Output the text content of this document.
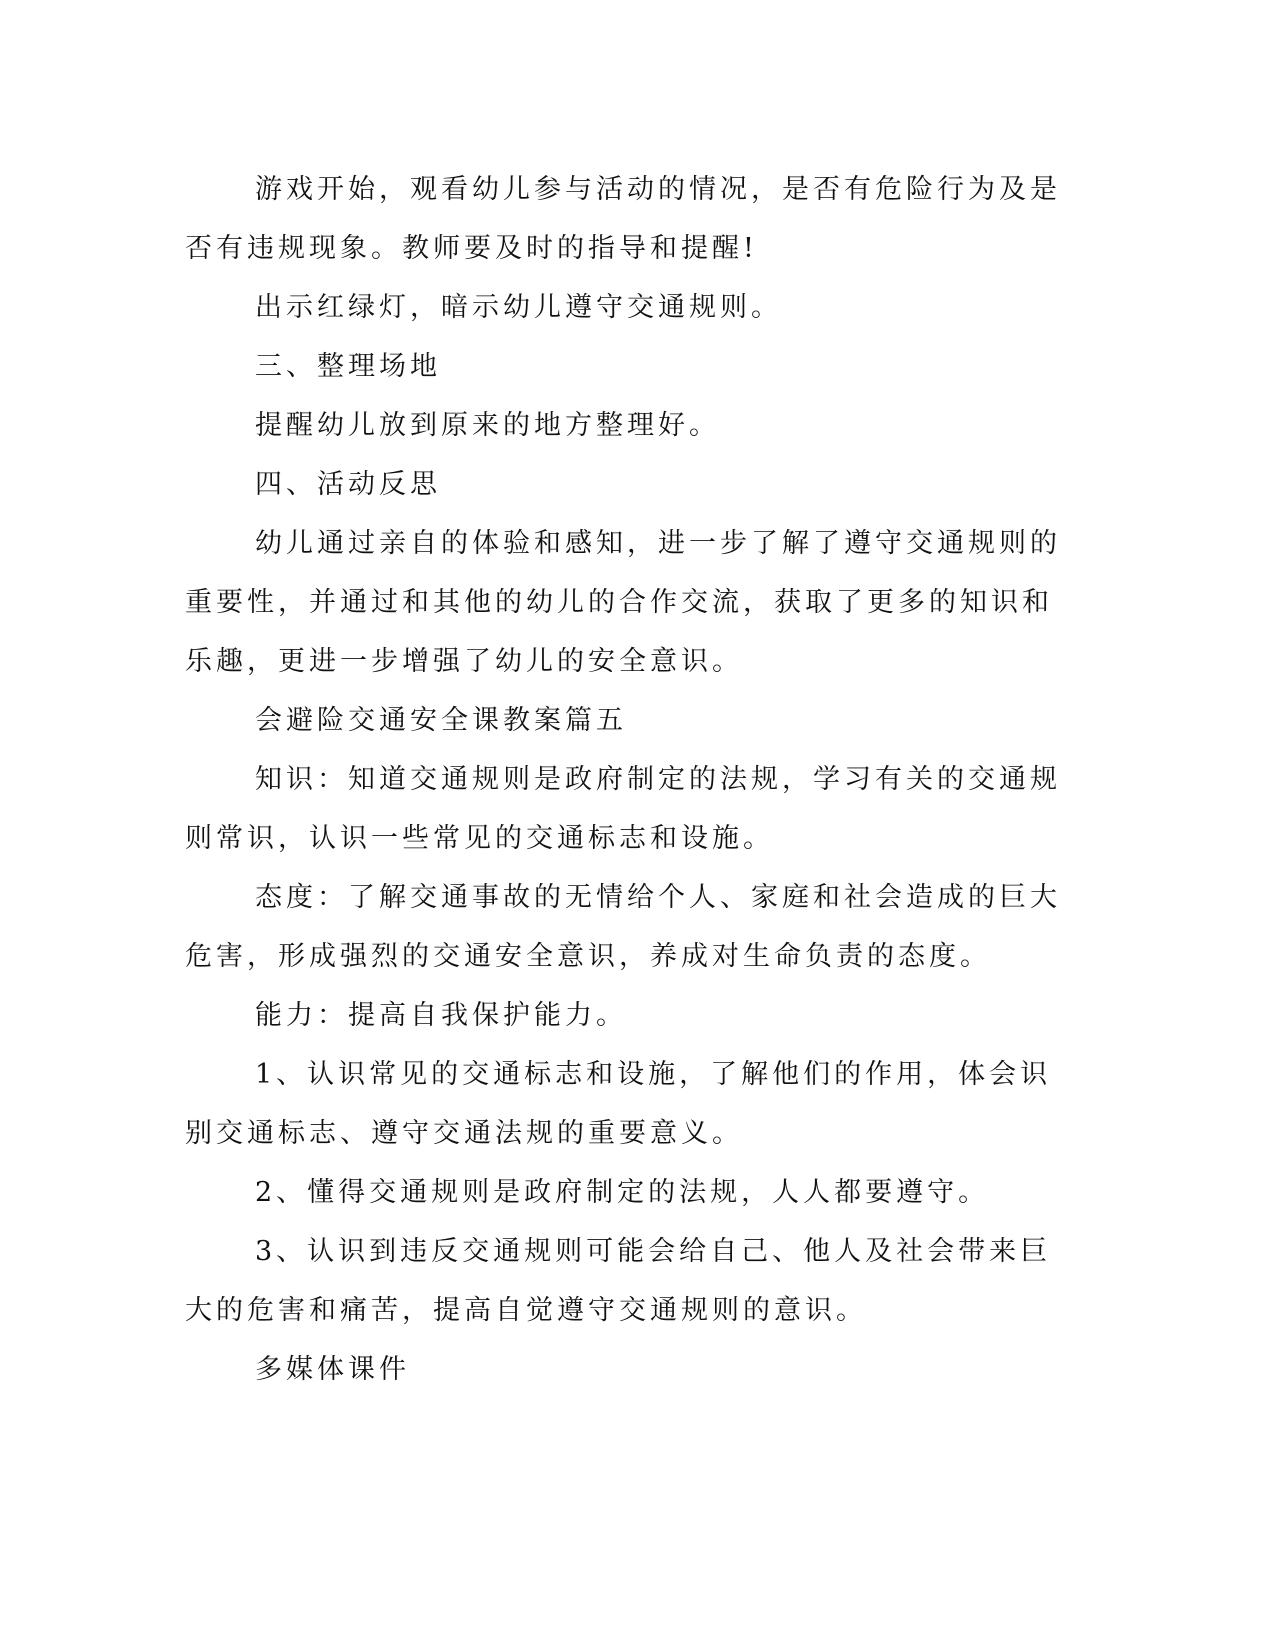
游戏开始，观看幼儿参与活动的情况，是否有危险行为及是否有违规现象。教师要及时的指导和提醒!

出示红绿灯，暗示幼儿遵守交通规则。

三、整理场地

提醒幼儿放到原来的地方整理好。

四、活动反思

幼儿通过亲自的体验和感知，进一步了解了遵守交通规则的重要性，并通过和其他的幼儿的合作交流，获取了更多的知识和乐趣，更进一步增强了幼儿的安全意识。

会避险交通安全课教案篇五

知识：知道交通规则是政府制定的法规，学习有关的交通规则常识，认识一些常见的交通标志和设施。

态度：了解交通事故的无情给个人、家庭和社会造成的巨大危害，形成强烈的交通安全意识，养成对生命负责的态度。

能力：提高自我保护能力。

1、认识常见的交通标志和设施，了解他们的作用，体会识别交通标志、遵守交通法规的重要意义。

2、懂得交通规则是政府制定的法规，人人都要遵守。

3、认识到违反交通规则可能会给自己、他人及社会带来巨大的危害和痛苦，提高自觉遵守交通规则的意识。

多媒体课件
